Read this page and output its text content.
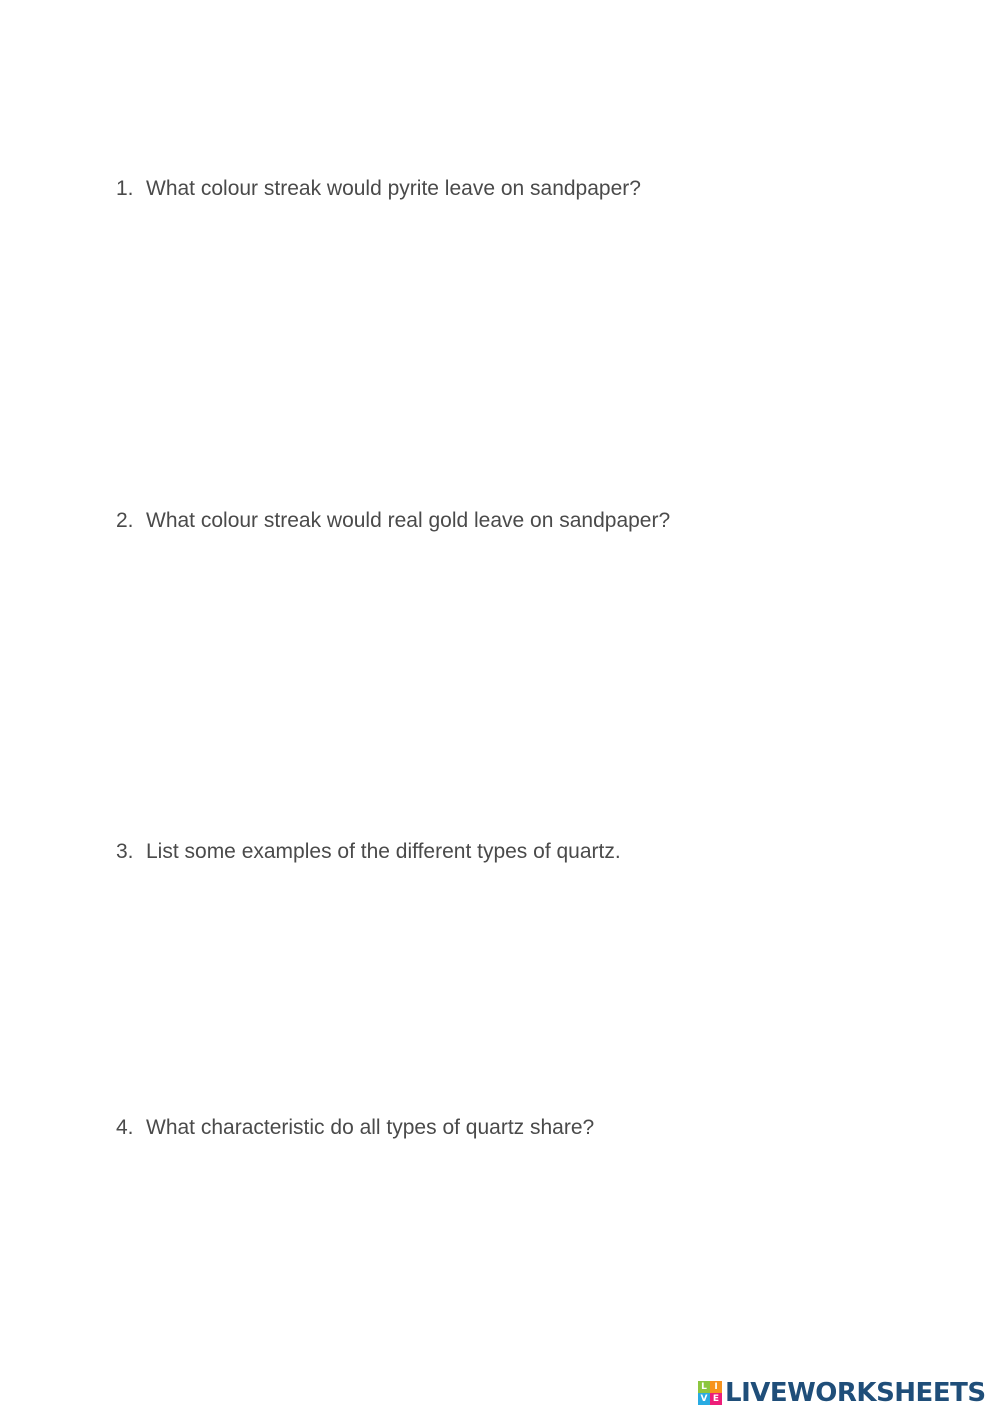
1. What colour streak would pyrite leave on sandpaper?
2. What colour streak would real gold leave on sandpaper?
3. List some examples of the different types of quartz.
4. What characteristic do all types of quartz share?
L I
V E LIVEWORKSHEETS
